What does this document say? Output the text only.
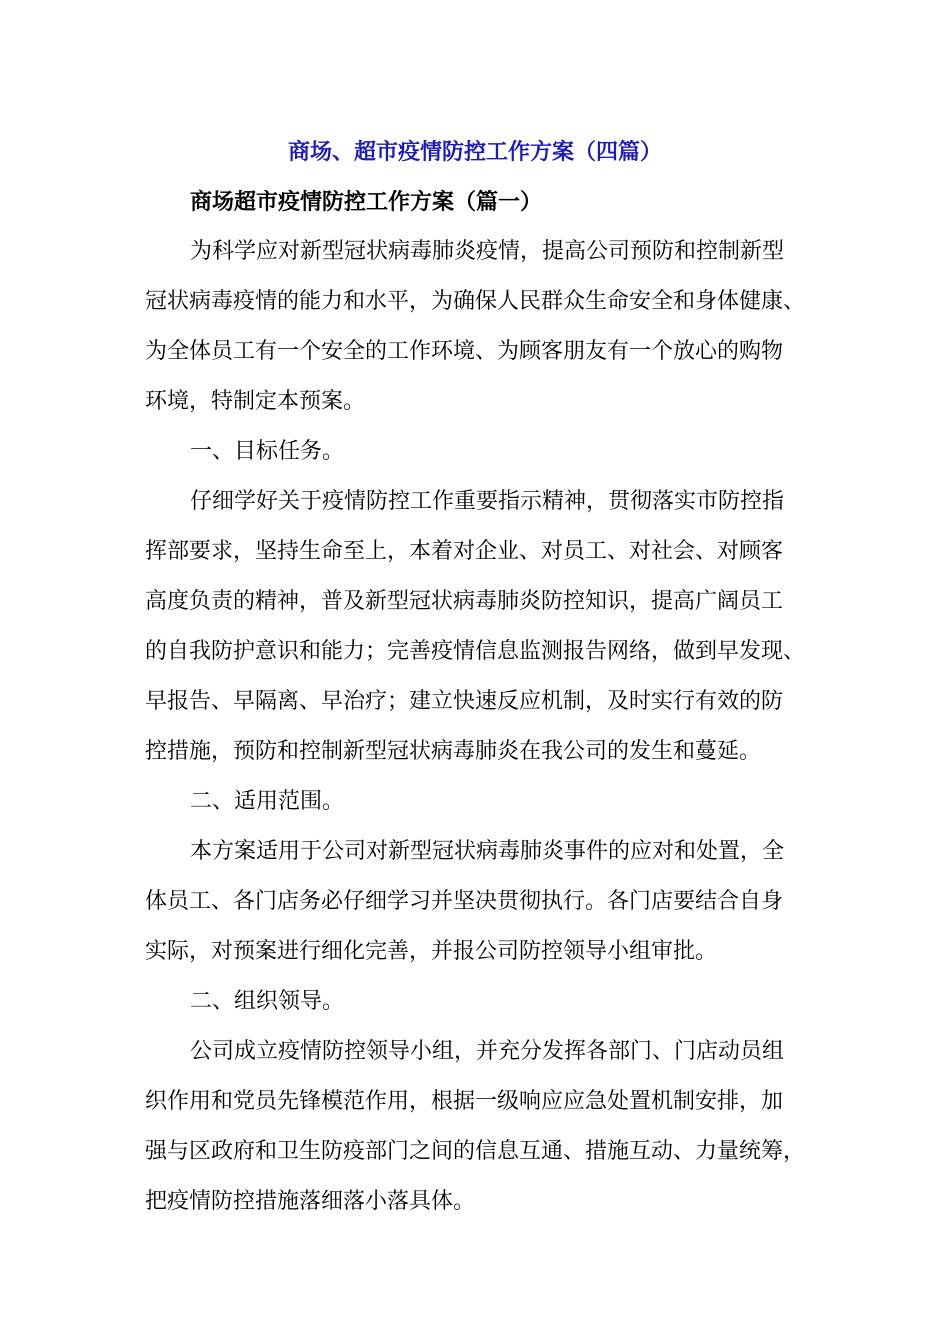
商场、超市疫情防控工作方案（四篇）
商场超市疫情防控工作方案（篇一）
为科学应对新型冠状病毒肺炎疫情，提高公司预防和控制新型
冠状病毒疫情的能力和水平，为确保人民群众生命安全和身体健康、
为全体员工有一个安全的工作环境、为顾客朋友有一个放心的购物
环境，特制定本预案。
一、目标任务。
仔细学好关于疫情防控工作重要指示精神，贯彻落实市防控指
挥部要求，坚持生命至上，本着对企业、对员工、对社会、对顾客
高度负责的精神，普及新型冠状病毒肺炎防控知识，提高广阔员工
的自我防护意识和能力；完善疫情信息监测报告网络，做到早发现、
早报告、早隔离、早治疗；建立快速反应机制，及时实行有效的防
控措施，预防和控制新型冠状病毒肺炎在我公司的发生和蔓延。
二、适用范围。
本方案适用于公司对新型冠状病毒肺炎事件的应对和处置，全
体员工、各门店务必仔细学习并坚决贯彻执行。各门店要结合自身
实际，对预案进行细化完善，并报公司防控领导小组审批。
二、组织领导。
公司成立疫情防控领导小组，并充分发挥各部门、门店动员组
织作用和党员先锋模范作用，根据一级响应应急处置机制安排，加
强与区政府和卫生防疫部门之间的信息互通、措施互动、力量统筹，
把疫情防控措施落细落小落具体。
